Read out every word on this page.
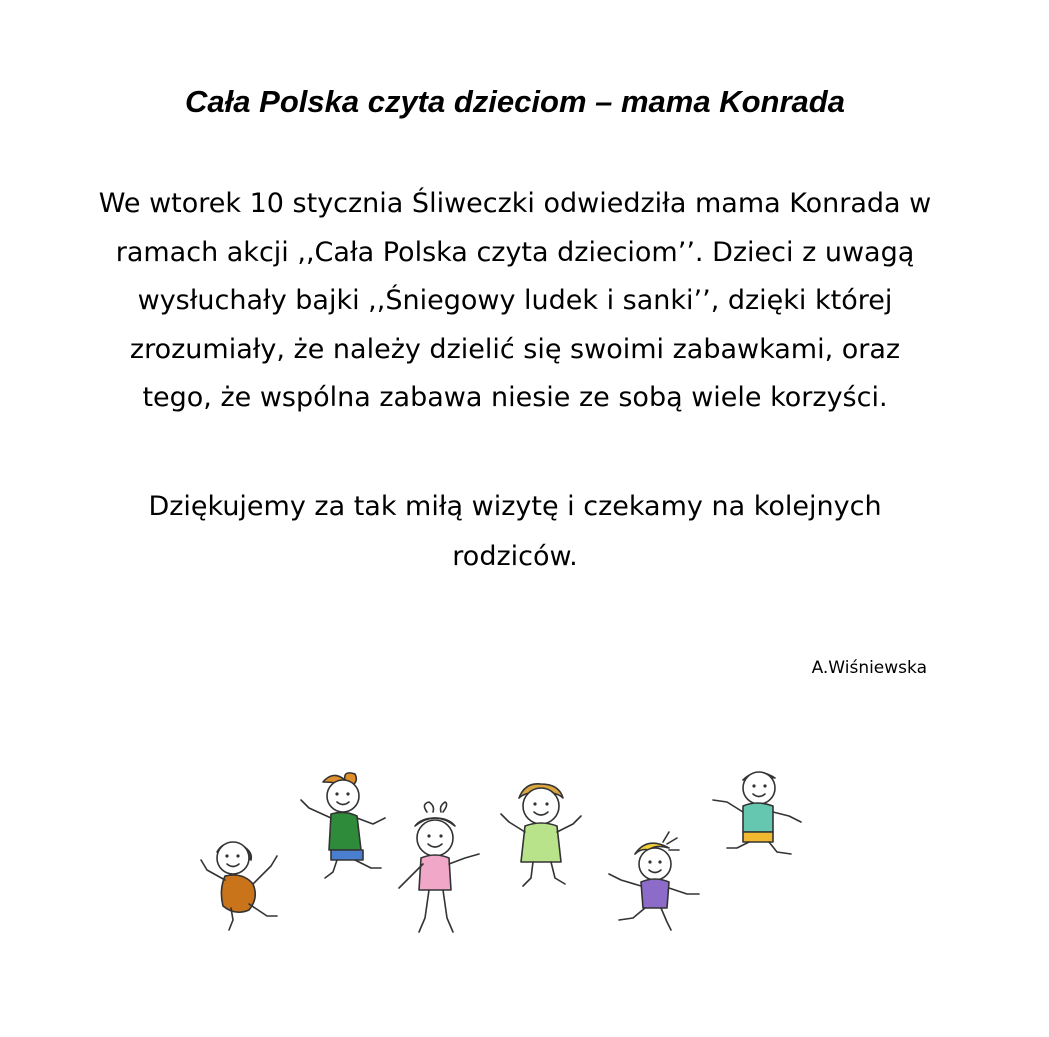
Cała Polska czyta dzieciom – mama Konrada

We wtorek 10 stycznia Śliweczki odwiedziła mama Konrada w ramach akcji ,,Cała Polska czyta dzieciom’’. Dzieci z uwagą wysłuchały bajki ,,Śniegowy ludek i sanki’’, dzięki której zrozumiały, że należy dzielić się swoimi zabawkami, oraz tego, że wspólna zabawa niesie ze sobą wiele korzyści.

Dziękujemy za tak miłą wizytę i czekamy na kolejnych rodziców.

A.Wiśniewska
